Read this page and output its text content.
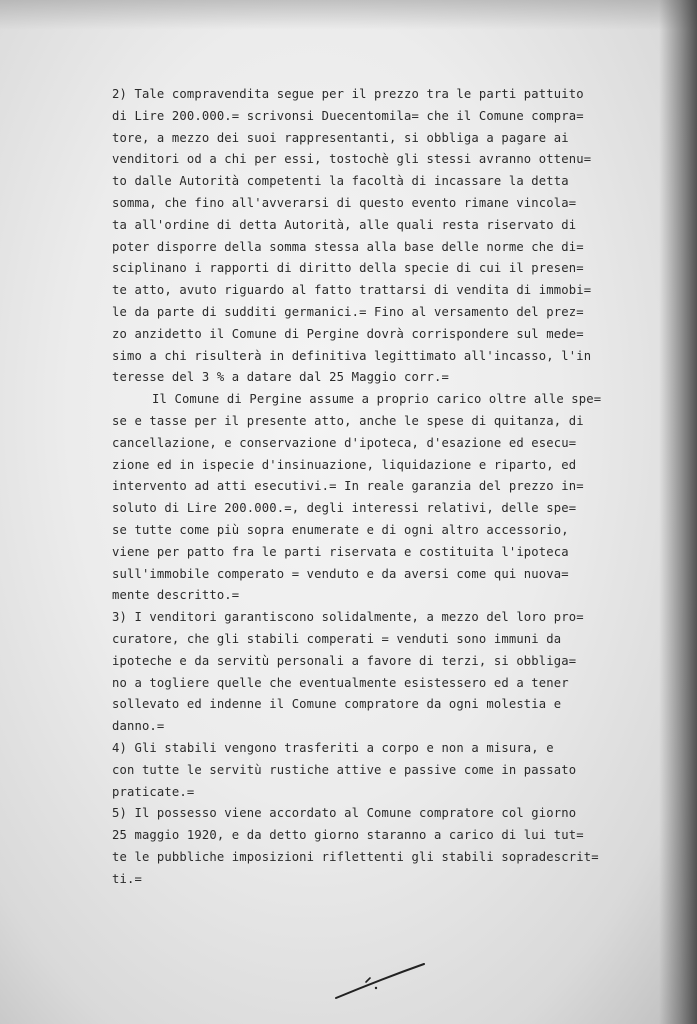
2) Tale compravendita segue per il prezzo tra le parti pattuito
di Lire 200.000.= scrivonsi Duecentomila= che il Comune compra=
tore, a mezzo dei suoi rappresentanti, si obbliga a pagare ai
venditori od a chi per essi, tostochè gli stessi avranno ottenu=
to dalle Autorità competenti la facoltà di incassare la detta
somma, che fino all'avverarsi di questo evento rimane vincola=
ta all'ordine di detta Autorità, alle quali resta riservato di
poter disporre della somma stessa alla base delle norme che di=
sciplinano i rapporti di diritto della specie di cui il presen=
te atto, avuto riguardo al fatto trattarsi di vendita di immobi=
le da parte di sudditi germanici.= Fino al versamento del prez=
zo anzidetto il Comune di Pergine dovrà corrispondere sul mede=
simo a chi risulterà in definitiva legittimato all'incasso, l'in
teresse del 3 % a datare dal 25 Maggio corr.=
Il Comune di Pergine assume a proprio carico oltre alle spe=
se e tasse per il presente atto, anche le spese di quitanza, di
cancellazione, e conservazione d'ipoteca, d'esazione ed esecu=
zione ed in ispecie d'insinuazione, liquidazione e riparto, ed
intervento ad atti esecutivi.= In reale garanzia del prezzo in=
soluto di Lire 200.000.=, degli interessi relativi, delle spe=
se tutte come più sopra enumerate e di ogni altro accessorio,
viene per patto fra le parti riservata e costituita l'ipoteca
sull'immobile comperato = venduto e da aversi come qui nuova=
mente descritto.=
3) I venditori garantiscono solidalmente, a mezzo del loro pro=
curatore, che gli stabili comperati = venduti sono immuni da
ipoteche e da servitù personali a favore di terzi, si obbliga=
no a togliere quelle che eventualmente esistessero ed a tener
sollevato ed indenne il Comune compratore da ogni molestia e
danno.=
4) Gli stabili vengono trasferiti a corpo e non a misura, e
con tutte le servitù rustiche attive e passive come in passato
praticate.=
5) Il possesso viene accordato al Comune compratore col giorno
25 maggio 1920, e da detto giorno staranno a carico di lui tut=
te le pubbliche imposizioni riflettenti gli stabili sopradescrit=
ti.=
